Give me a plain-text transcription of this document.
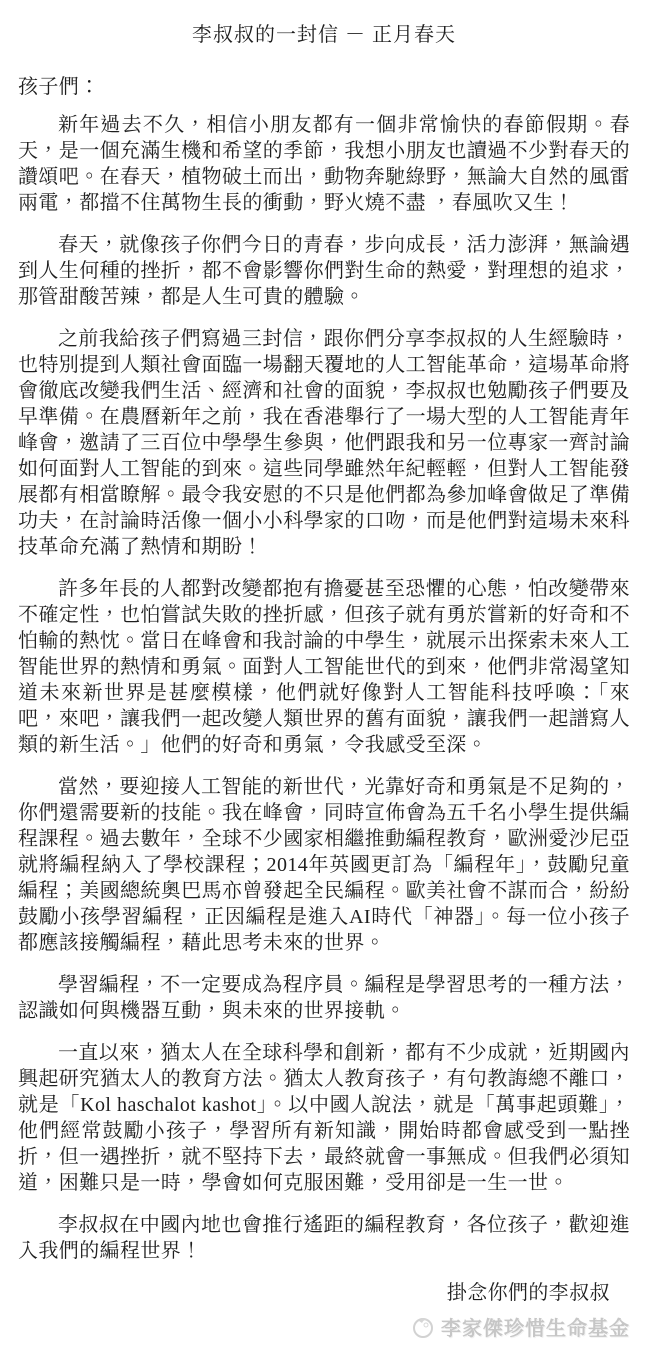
李叔叔的一封信 － 正月春天

孩子們：

新年過去不久，相信小朋友都有一個非常愉快的春節假期。春天，是一個充滿生機和希望的季節，我想小朋友也讀過不少對春天的讚頌吧。在春天，植物破土而出，動物奔馳綠野，無論大自然的風雷兩電，都擋不住萬物生長的衝動，野火燒不盡 ，春風吹又生！

春天，就像孩子你們今日的青春，步向成長，活力澎湃，無論遇到人生何種的挫折，都不會影響你們對生命的熱愛，對理想的追求，那管甜酸苦辣，都是人生可貴的體驗。

之前我給孩子們寫過三封信，跟你們分享李叔叔的人生經驗時，也特別提到人類社會面臨一場翻天覆地的人工智能革命，這場革命將會徹底改變我們生活、經濟和社會的面貌，李叔叔也勉勵孩子們要及早準備。在農曆新年之前，我在香港舉行了一場大型的人工智能青年峰會，邀請了三百位中學學生參與，他們跟我和另一位專家一齊討論如何面對人工智能的到來。這些同學雖然年紀輕輕，但對人工智能發展都有相當瞭解。最令我安慰的不只是他們都為參加峰會做足了準備功夫，在討論時活像一個小小科學家的口吻，而是他們對這場未來科技革命充滿了熱情和期盼！

許多年長的人都對改變都抱有擔憂甚至恐懼的心態，怕改變帶來不確定性，也怕嘗試失敗的挫折感，但孩子就有勇於嘗新的好奇和不怕輸的熱忱。當日在峰會和我討論的中學生，就展示出探索未來人工智能世界的熱情和勇氣。面對人工智能世代的到來，他們非常渴望知道未來新世界是甚麼模樣，他們就好像對人工智能科技呼喚：「來吧，來吧，讓我們一起改變人類世界的舊有面貌，讓我們一起譜寫人類的新生活。」他們的好奇和勇氣，令我感受至深。

當然，要迎接人工智能的新世代，光靠好奇和勇氣是不足夠的，你們還需要新的技能。我在峰會，同時宣佈會為五千名小學生提供編程課程。過去數年，全球不少國家相繼推動編程教育，歐洲愛沙尼亞就將編程納入了學校課程；2014年英國更訂為「編程年」，鼓勵兒童編程；美國總統奧巴馬亦曾發起全民編程。歐美社會不謀而合，紛紛鼓勵小孩學習編程，正因編程是進入AI時代「神器」。每一位小孩子都應該接觸編程，藉此思考未來的世界。

學習編程，不一定要成為程序員。編程是學習思考的一種方法，認識如何與機器互動，與未來的世界接軌。

一直以來，猶太人在全球科學和創新，都有不少成就，近期國內興起研究猶太人的教育方法。猶太人教育孩子，有句教誨總不離口，就是「Kol haschalot kashot」。以中國人說法，就是「萬事起頭難」，他們經常鼓勵小孩子，學習所有新知識，開始時都會感受到一點挫折，但一遇挫折，就不堅持下去，最終就會一事無成。但我們必須知道，困難只是一時，學會如何克服困難，受用卻是一生一世。

李叔叔在中國內地也會推行遙距的編程教育，各位孩子，歡迎進入我們的編程世界！

掛念你們的李叔叔

李家傑珍惜生命基金
